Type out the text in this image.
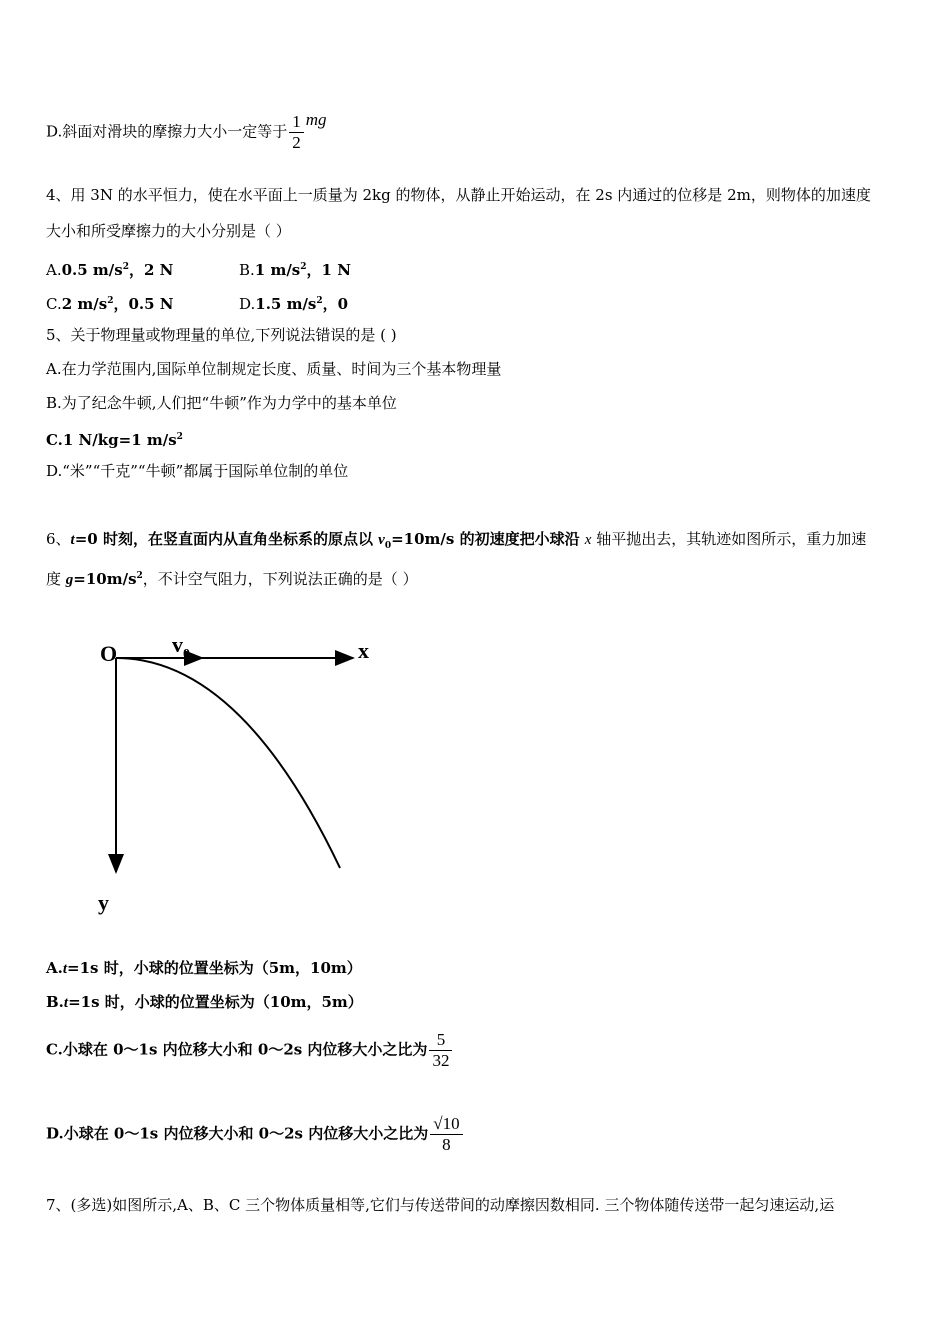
D.斜面对滑块的摩擦力大小一定等于 $\frac{1}{2}$ mg
4、用 3N 的水平恒力，使在水平面上一质量为 2kg 的物体，从静止开始运动，在 2s 内通过的位移是 2m，则物体的加速度
大小和所受摩擦力的大小分别是（ ）
A.0.5 $m/s^2$，2 N	B.1 $m/s^2$，1 N
C.2 $m/s^2$，0.5 N	D.1.5 $m/s^2$，0
5、关于物理量或物理量的单位,下列说法错误的是 ( )
A.在力学范围内,国际单位制规定长度、质量、时间为三个基本物理量
B.为了纪念牛顿,人们把“牛顿”作为力学中的基本单位
C.1 N/kg=1 $m/s^2$
D.“米”“千克”“牛顿”都属于国际单位制的单位
6、t=0 时刻，在竖直面内从直角坐标系的原点以 $v_0=10m/s$ 的初速度把小球沿 x 轴平抛出去，其轨迹如图所示，重力加速
度 $g=10m/s^2$，不计空气阻力，下列说法正确的是（ ）
O $v_0$	x
y
A.t=1s 时，小球的位置坐标为（5m，10m）
B.t=1s 时，小球的位置坐标为（10m，5m）
C.小球在 0～1s 内位移大小和 0～2s 内位移大小之比为 $\frac{5}{32}$
D.小球在 0～1s 内位移大小和 0～2s 内位移大小之比为 $\frac{√10}{8}$
7、(多选)如图所示,A、B、C 三个物体质量相等,它们与传送带间的动摩擦因数相同. 三个物体随传送带一起匀速运动,运
